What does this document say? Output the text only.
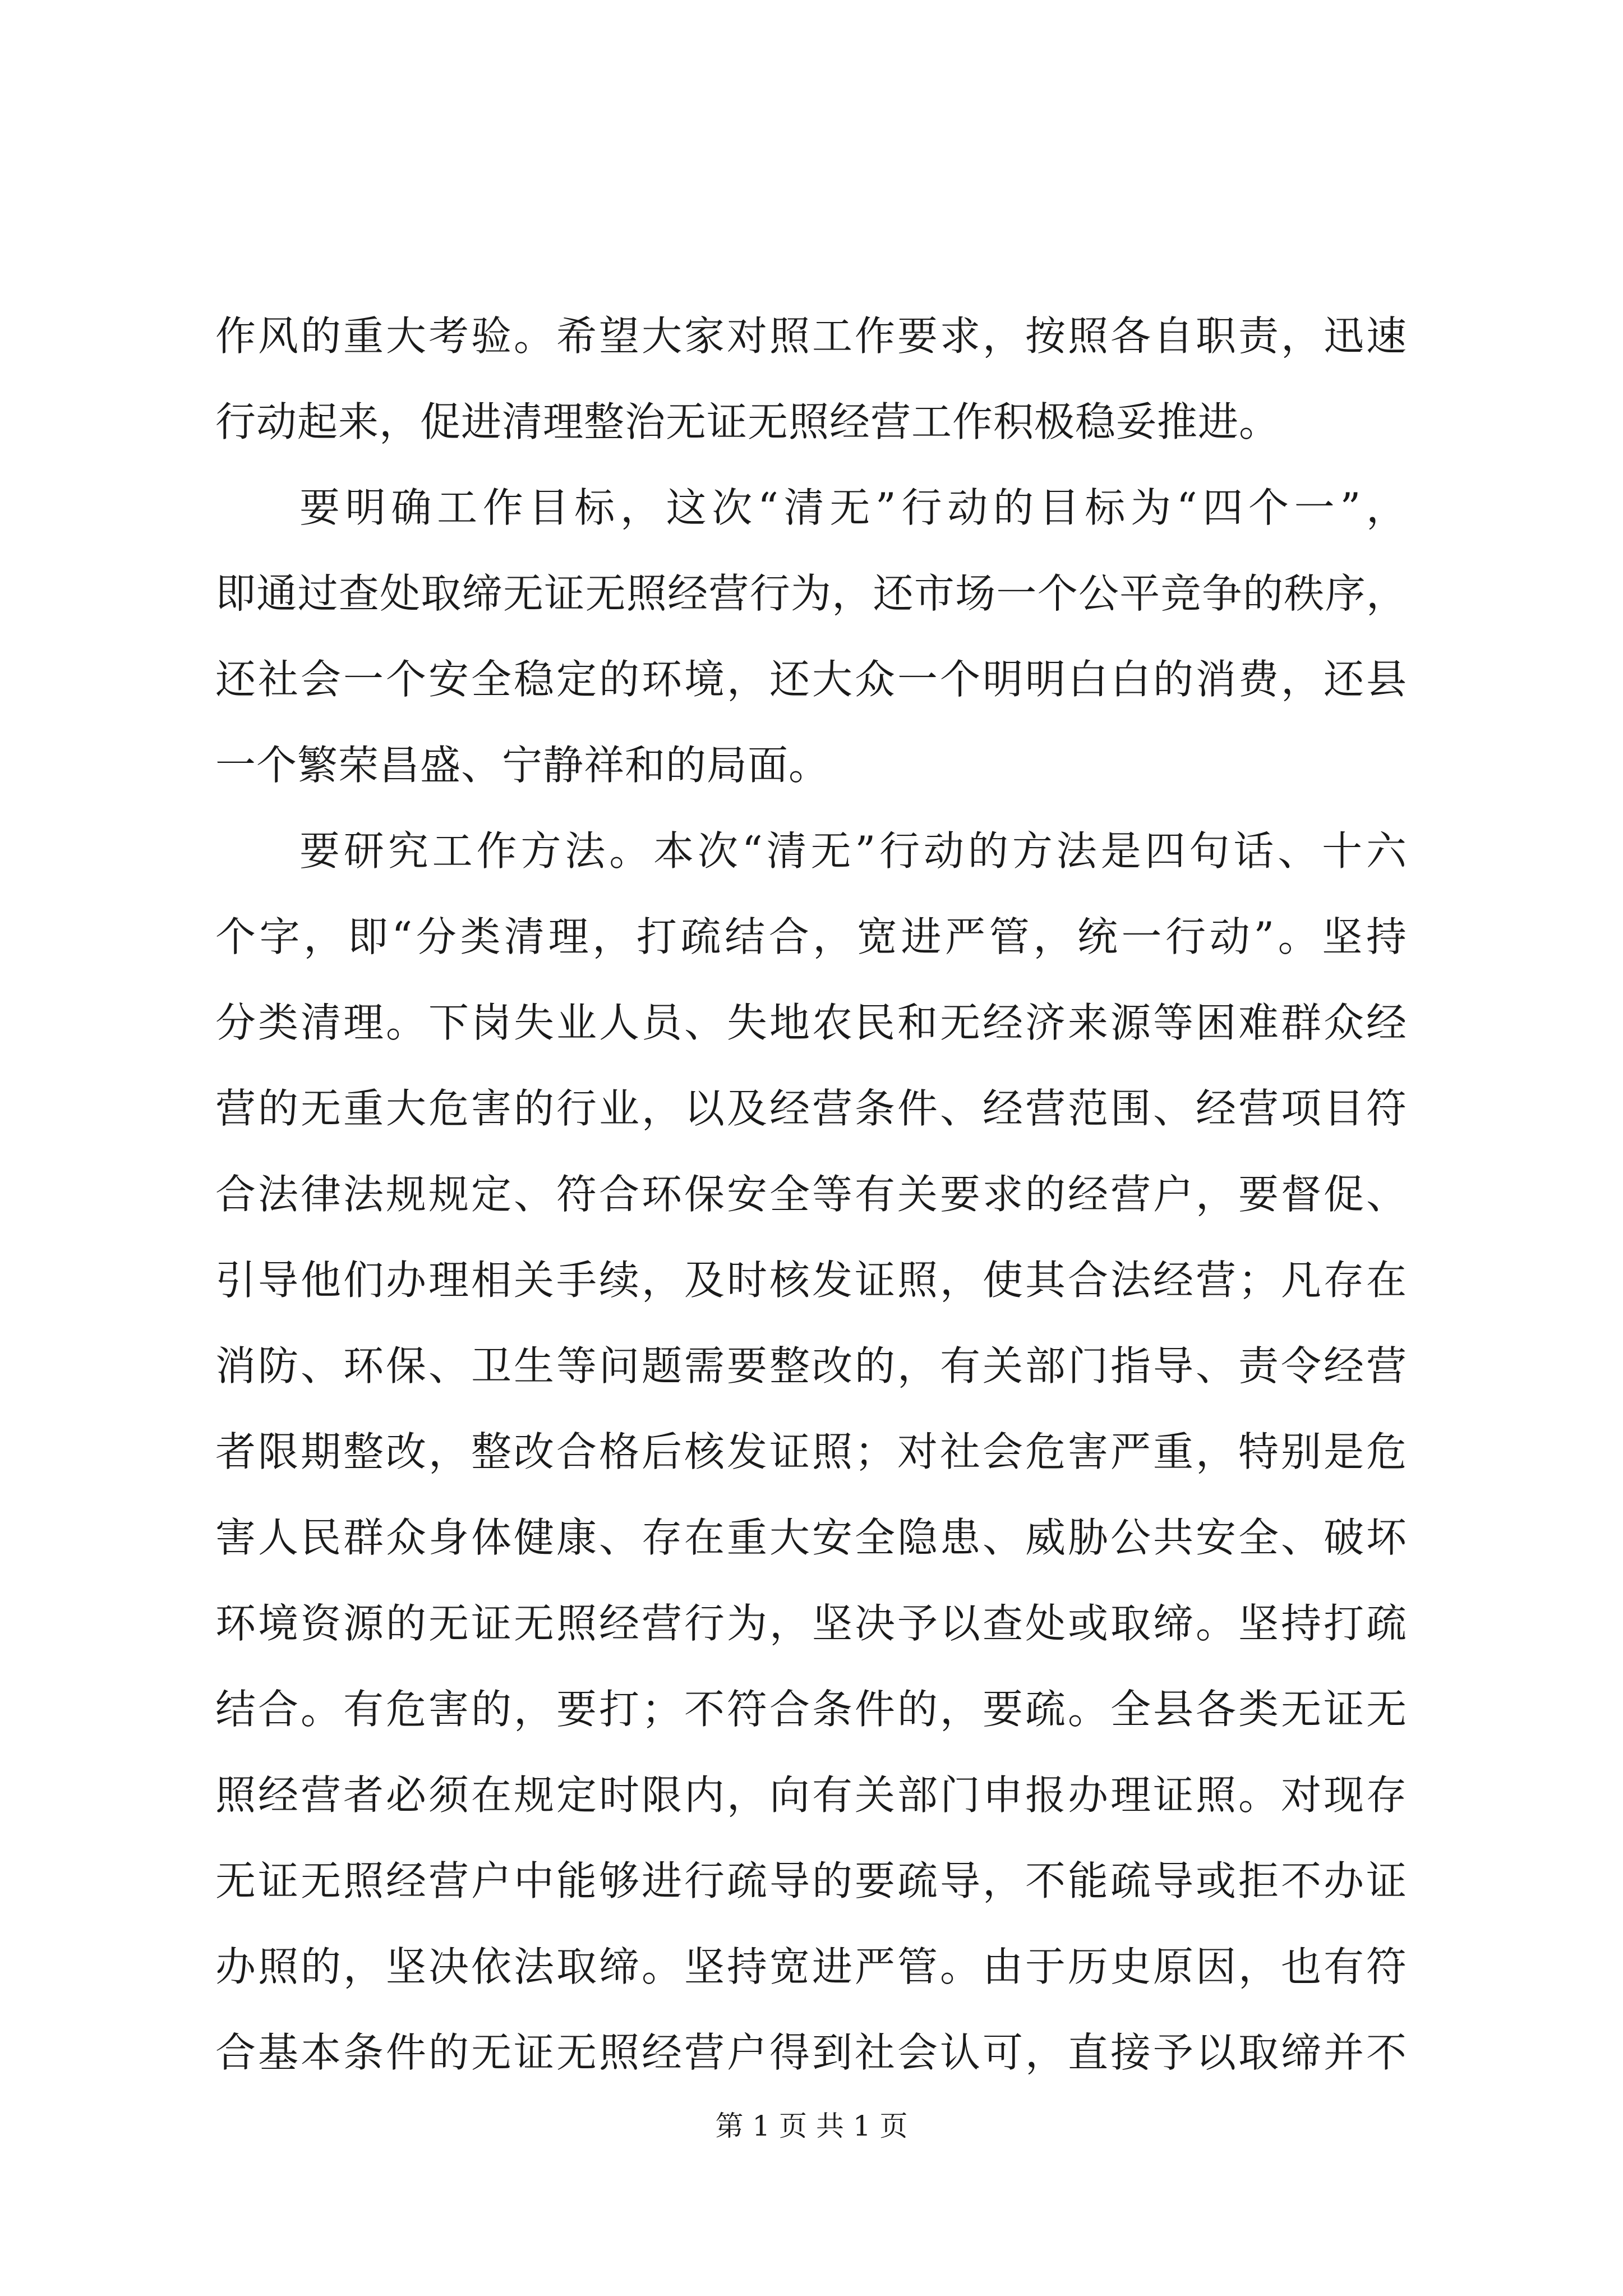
作风的重大考验。希望大家对照工作要求，按照各自职责，迅速
行动起来，促进清理整治无证无照经营工作积极稳妥推进。
要明确工作目标，这次“清无”行动的目标为“四个一”，
即通过查处取缔无证无照经营行为，还市场一个公平竞争的秩序，
还社会一个安全稳定的环境，还大众一个明明白白的消费，还县
一个繁荣昌盛、宁静祥和的局面。
要研究工作方法。本次“清无”行动的方法是四句话、十六
个字，即“分类清理，打疏结合，宽进严管，统一行动”。坚持
分类清理。下岗失业人员、失地农民和无经济来源等困难群众经
营的无重大危害的行业，以及经营条件、经营范围、经营项目符
合法律法规规定、符合环保安全等有关要求的经营户，要督促、
引导他们办理相关手续，及时核发证照，使其合法经营；凡存在
消防、环保、卫生等问题需要整改的，有关部门指导、责令经营
者限期整改，整改合格后核发证照；对社会危害严重，特别是危
害人民群众身体健康、存在重大安全隐患、威胁公共安全、破坏
环境资源的无证无照经营行为，坚决予以查处或取缔。坚持打疏
结合。有危害的，要打；不符合条件的，要疏。全县各类无证无
照经营者必须在规定时限内，向有关部门申报办理证照。对现存
无证无照经营户中能够进行疏导的要疏导，不能疏导或拒不办证
办照的，坚决依法取缔。坚持宽进严管。由于历史原因，也有符
合基本条件的无证无照经营户得到社会认可，直接予以取缔并不
第 1 页 共 1 页
